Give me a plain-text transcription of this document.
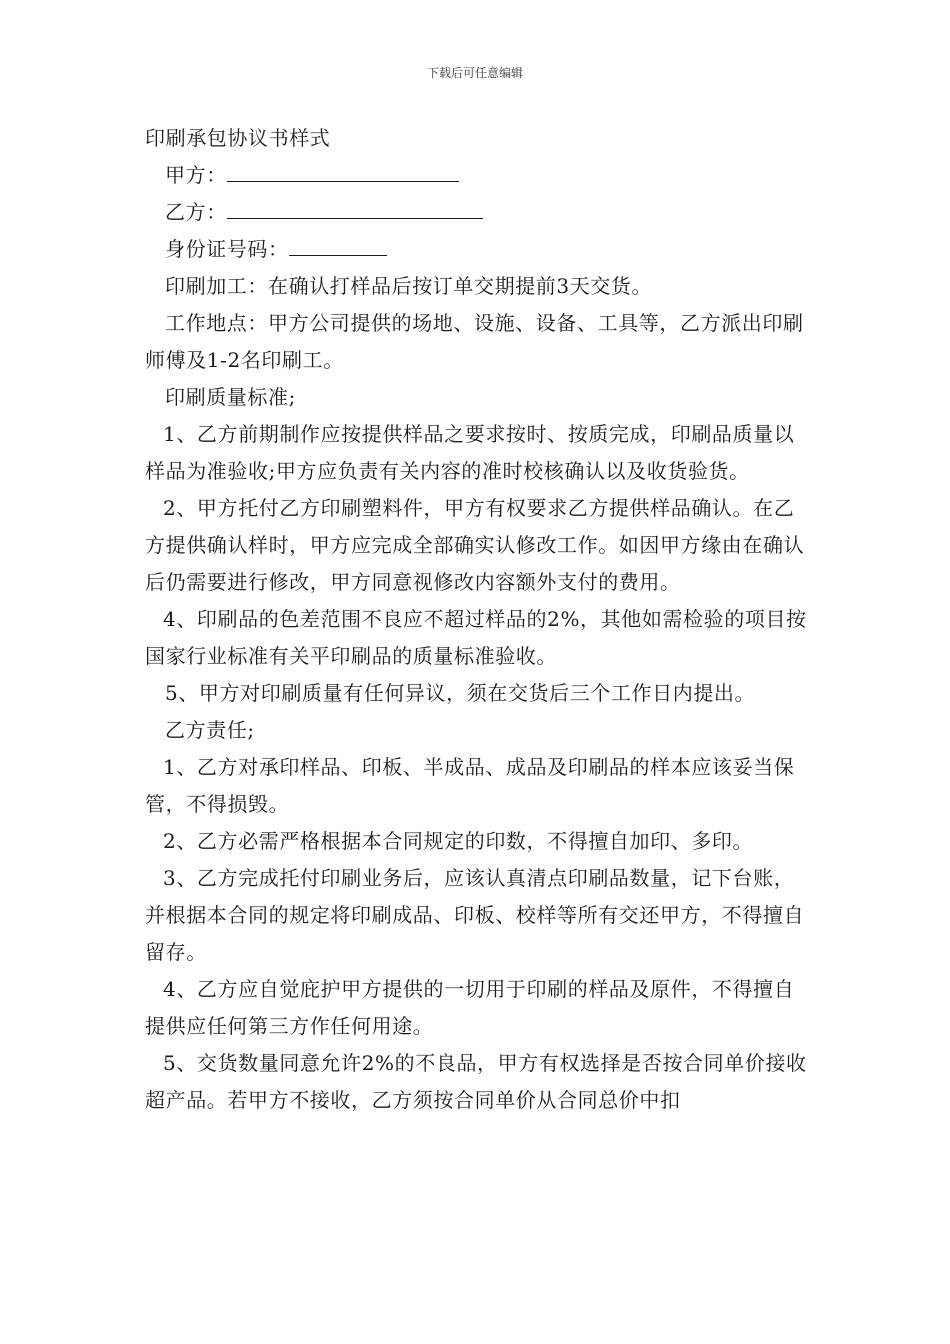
下载后可任意编辑

印刷承包协议书样式

甲方：

乙方：

身份证号码：

印刷加工：在确认打样品后按订单交期提前3天交货。

工作地点：甲方公司提供的场地、设施、设备、工具等，乙方派出印刷师傅及1-2名印刷工。

印刷质量标准;

1、乙方前期制作应按提供样品之要求按时、按质完成，印刷品质量以样品为准验收;甲方应负责有关内容的准时校核确认以及收货验货。

2、甲方托付乙方印刷塑料件，甲方有权要求乙方提供样品确认。在乙方提供确认样时，甲方应完成全部确实认修改工作。如因甲方缘由在确认后仍需要进行修改，甲方同意视修改内容额外支付的费用。

4、印刷品的色差范围不良应不超过样品的2%，其他如需检验的项目按国家行业标准有关平印刷品的质量标准验收。

5、甲方对印刷质量有任何异议，须在交货后三个工作日内提出。

乙方责任;

1、乙方对承印样品、印板、半成品、成品及印刷品的样本应该妥当保管，不得损毁。

2、乙方必需严格根据本合同规定的印数，不得擅自加印、多印。

3、乙方完成托付印刷业务后，应该认真清点印刷品数量，记下台账，并根据本合同的规定将印刷成品、印板、校样等所有交还甲方，不得擅自留存。

4、乙方应自觉庇护甲方提供的一切用于印刷的样品及原件，不得擅自提供应任何第三方作任何用途。

5、交货数量同意允许2%的不良品，甲方有权选择是否按合同单价接收超产品。若甲方不接收，乙方须按合同单价从合同总价中扣
